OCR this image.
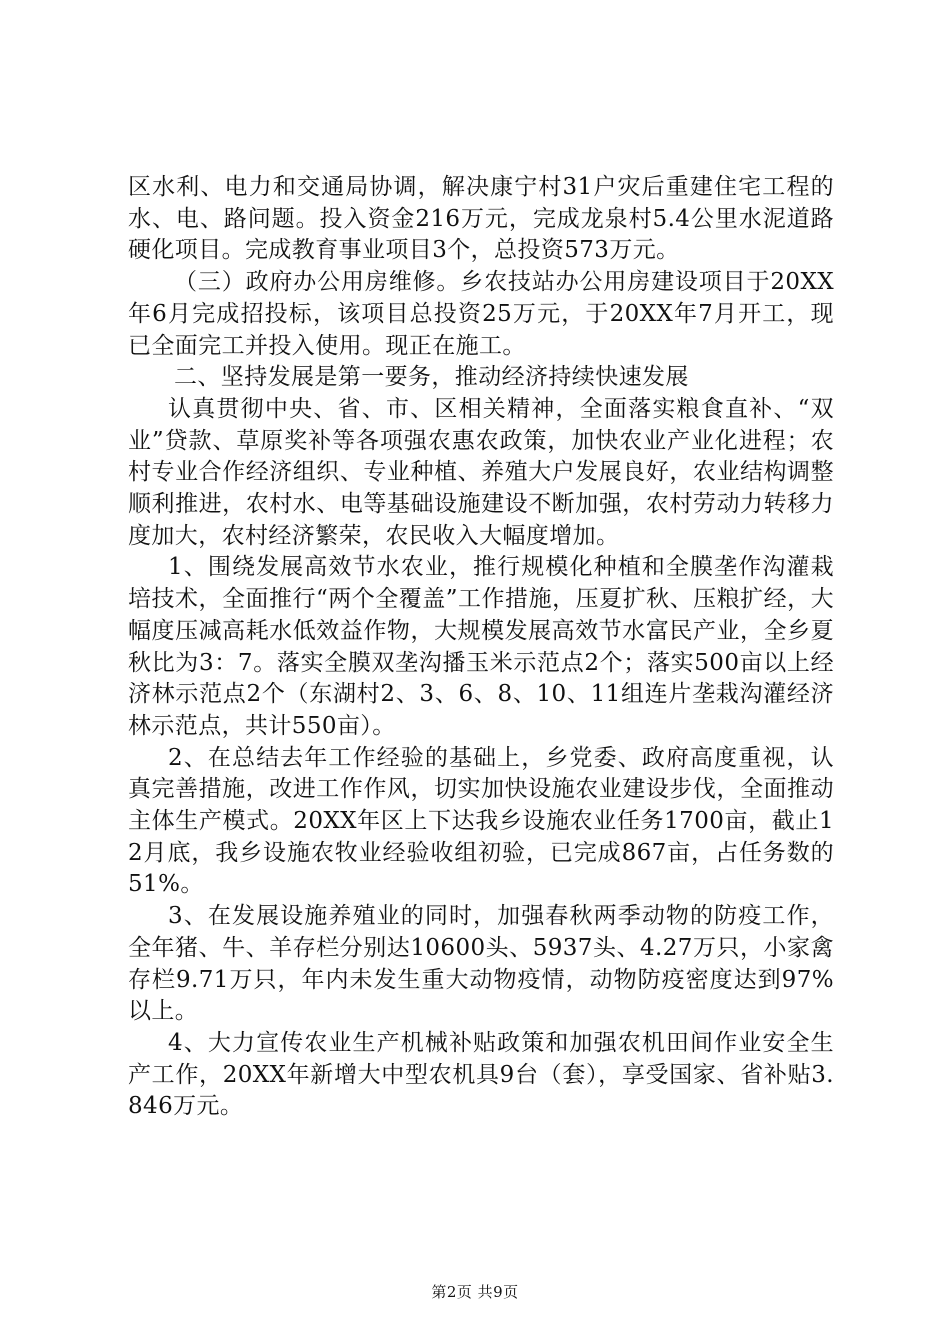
区水利、电力和交通局协调，解决康宁村31户灾后重建住宅工程的水、电、路问题。投入资金216万元，完成龙泉村5.4公里水泥道路硬化项目。完成教育事业项目3个，总投资573万元。

（三）政府办公用房维修。乡农技站办公用房建设项目于20XX年6月完成招投标，该项目总投资25万元，于20XX年7月开工，现已全面完工并投入使用。现正在施工。

二、坚持发展是第一要务，推动经济持续快速发展

认真贯彻中央、省、市、区相关精神，全面落实粮食直补、“双业”贷款、草原奖补等各项强农惠农政策，加快农业产业化进程；农村专业合作经济组织、专业种植、养殖大户发展良好，农业结构调整顺利推进，农村水、电等基础设施建设不断加强，农村劳动力转移力度加大，农村经济繁荣，农民收入大幅度增加。

1、围绕发展高效节水农业，推行规模化种植和全膜垄作沟灌栽培技术，全面推行“两个全覆盖”工作措施，压夏扩秋、压粮扩经，大幅度压减高耗水低效益作物，大规模发展高效节水富民产业，全乡夏秋比为3：7。落实全膜双垄沟播玉米示范点2个；落实500亩以上经济林示范点2个（东湖村2、3、6、8、10、11组连片垄栽沟灌经济林示范点，共计550亩）。

2、在总结去年工作经验的基础上，乡党委、政府高度重视，认真完善措施，改进工作作风，切实加快设施农业建设步伐，全面推动主体生产模式。20XX年区上下达我乡设施农业任务1700亩，截止12月底，我乡设施农牧业经验收组初验，已完成867亩，占任务数的51%。

3、在发展设施养殖业的同时，加强春秋两季动物的防疫工作，全年猪、牛、羊存栏分别达10600头、5937头、4.27万只，小家禽存栏9.71万只，年内未发生重大动物疫情，动物防疫密度达到97%以上。

4、大力宣传农业生产机械补贴政策和加强农机田间作业安全生产工作，20XX年新增大中型农机具9台（套），享受国家、省补贴3.846万元。

第2页 共9页
